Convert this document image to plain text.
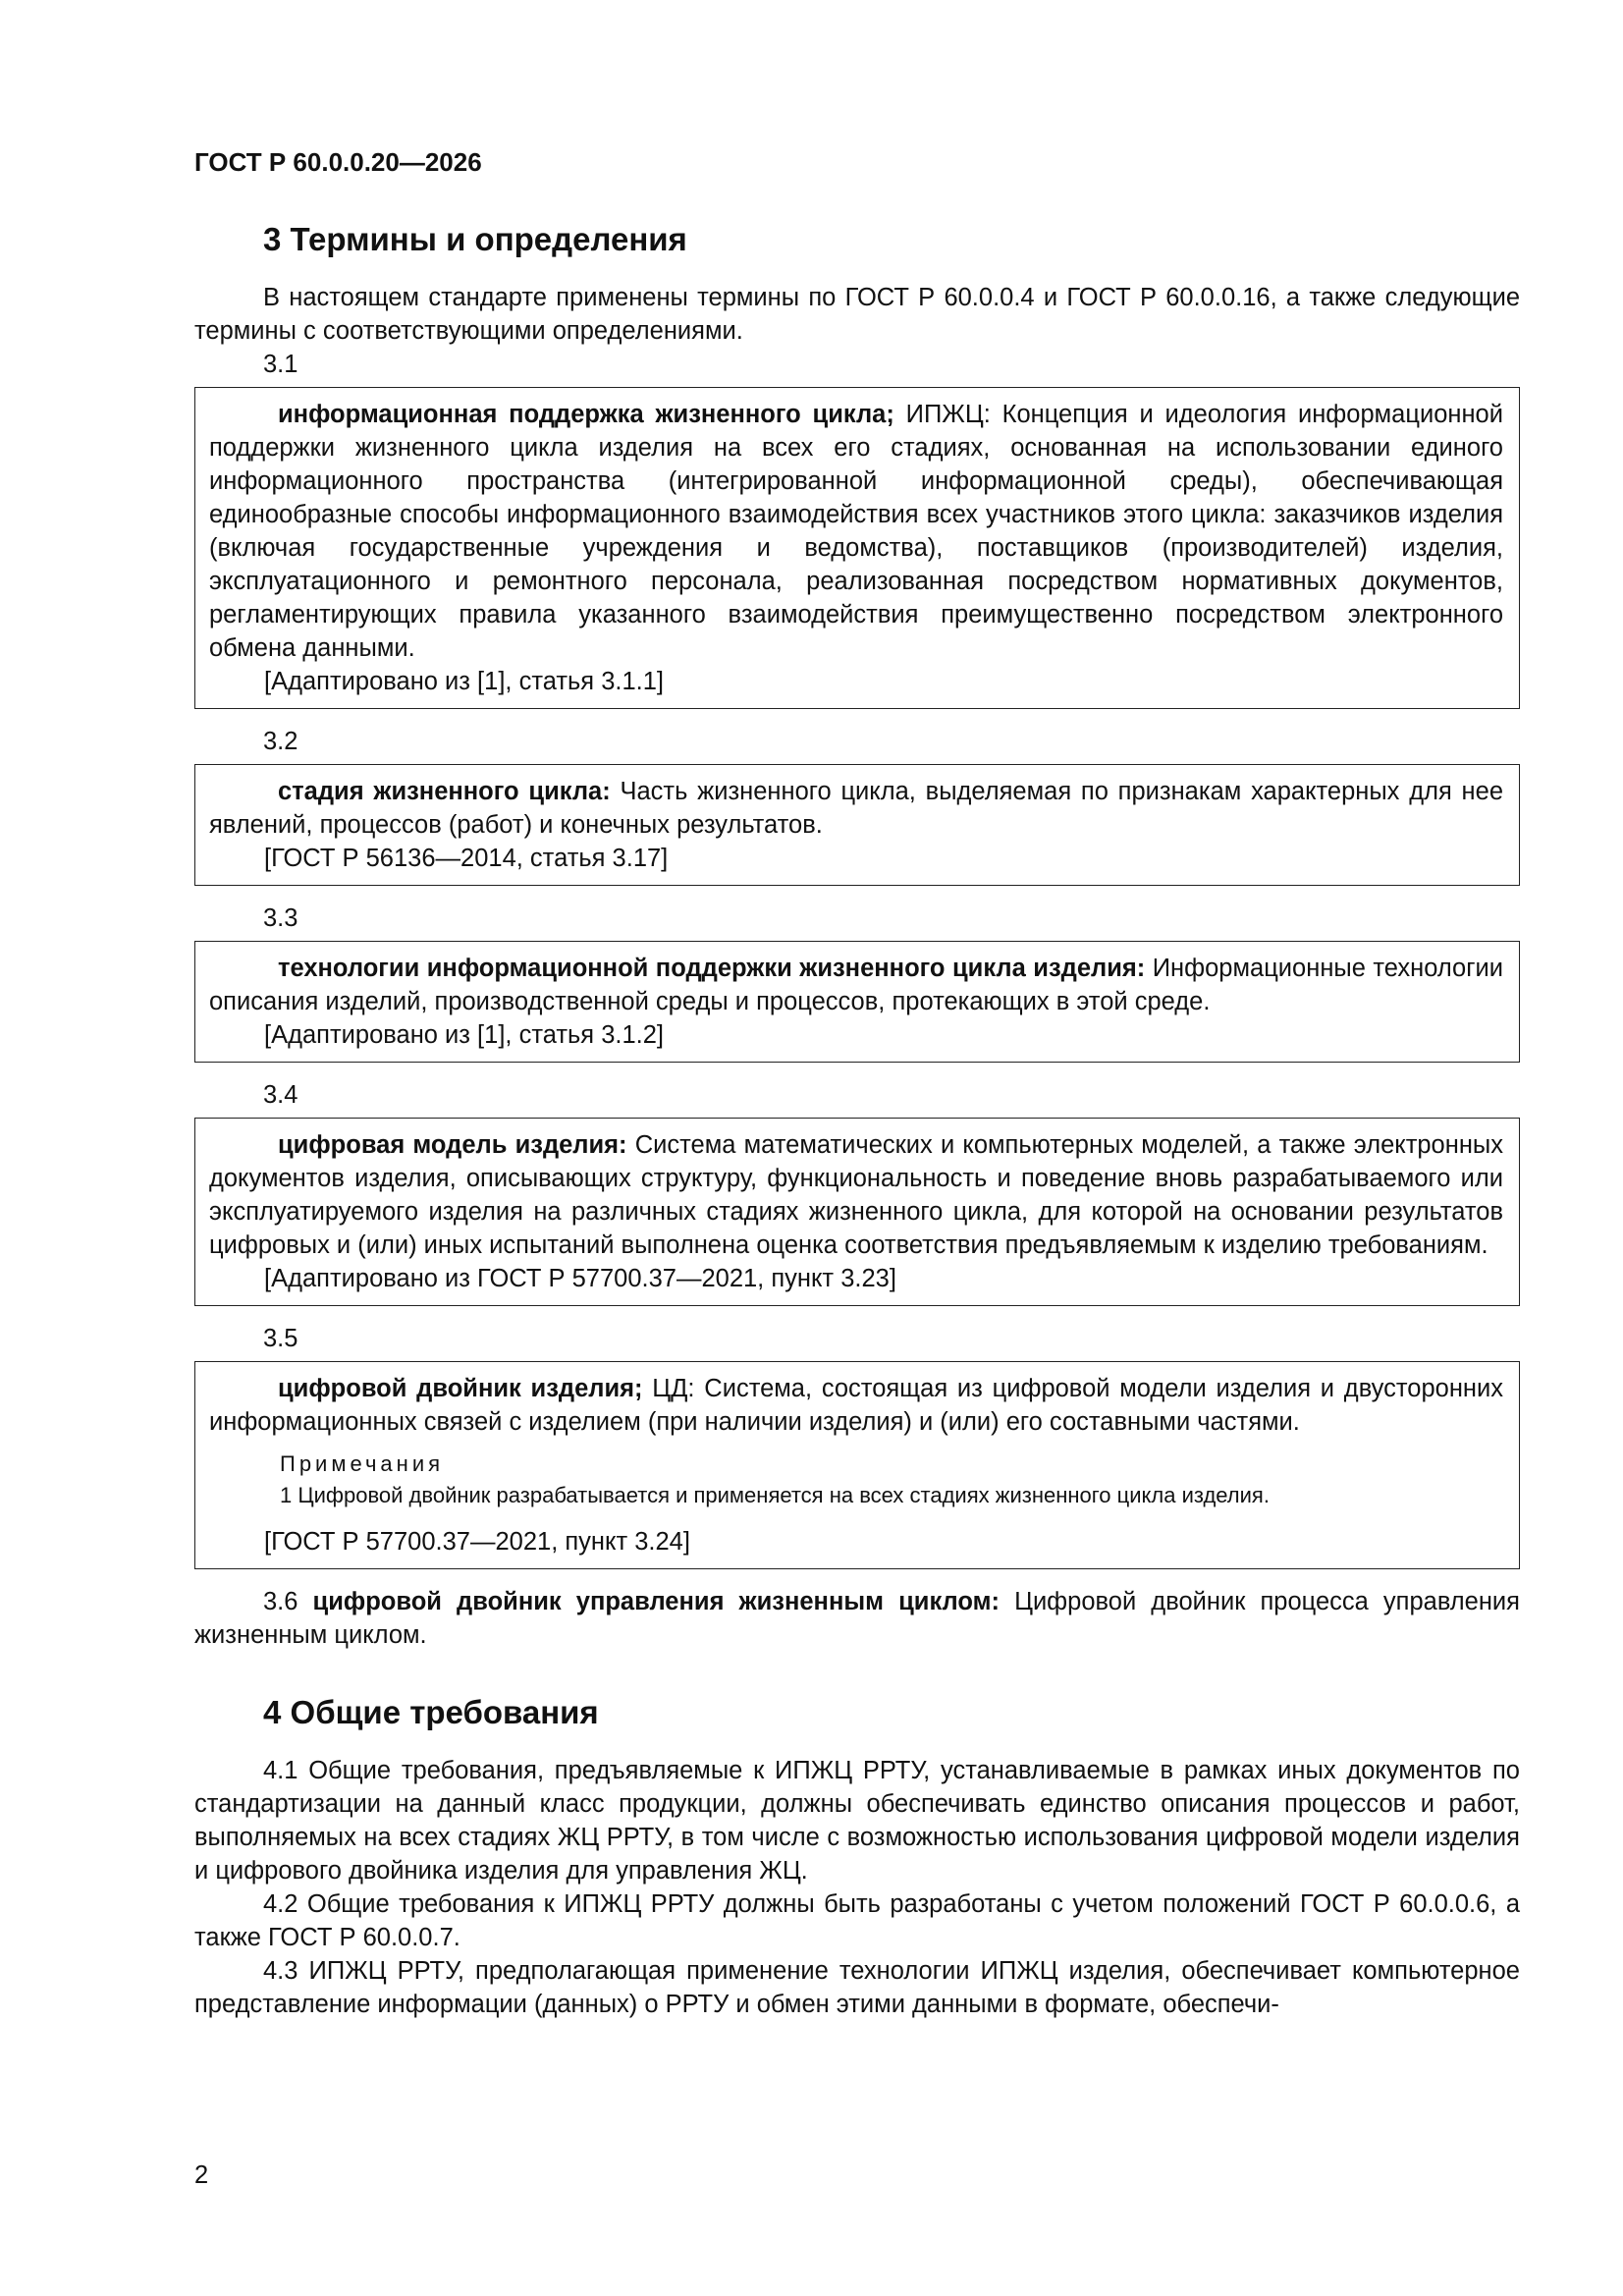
ГОСТ Р 60.0.0.20—2026
3 Термины и определения

В настоящем стандарте применены термины по ГОСТ Р 60.0.0.4 и ГОСТ Р 60.0.0.16, а также следующие термины с соответствующими определениями.

3.1

информационная поддержка жизненного цикла; ИПЖЦ: Концепция и идеология информационной поддержки жизненного цикла изделия на всех его стадиях, основанная на использовании единого информационного пространства (интегрированной информационной среды), обеспечивающая единообразные способы информационного взаимодействия всех участников этого цикла: заказчиков изделия (включая государственные учреждения и ведомства), поставщиков (производителей) изделия, эксплуатационного и ремонтного персонала, реализованная посредством нормативных документов, регламентирующих правила указанного взаимодействия преимущественно посредством электронного обмена данными.

[Адаптировано из [1], статья 3.1.1]

3.2

стадия жизненного цикла: Часть жизненного цикла, выделяемая по признакам характерных для нее явлений, процессов (работ) и конечных результатов.

[ГОСТ Р 56136—2014, статья 3.17]

3.3

технологии информационной поддержки жизненного цикла изделия: Информационные технологии описания изделий, производственной среды и процессов, протекающих в этой среде.

[Адаптировано из [1], статья 3.1.2]

3.4

цифровая модель изделия: Система математических и компьютерных моделей, а также электронных документов изделия, описывающих структуру, функциональность и поведение вновь разрабатываемого или эксплуатируемого изделия на различных стадиях жизненного цикла, для которой на основании результатов цифровых и (или) иных испытаний выполнена оценка соответствия предъявляемым к изделию требованиям.

[Адаптировано из ГОСТ Р 57700.37—2021, пункт 3.23]

3.5

цифровой двойник изделия; ЦД: Система, состоящая из цифровой модели изделия и двусторонних информационных связей с изделием (при наличии изделия) и (или) его составными частями.

Примечания
1 Цифровой двойник разрабатывается и применяется на всех стадиях жизненного цикла изделия.

[ГОСТ Р 57700.37—2021, пункт 3.24]

3.6 цифровой двойник управления жизненным циклом: Цифровой двойник процесса управления жизненным циклом.

4 Общие требования

4.1 Общие требования, предъявляемые к ИПЖЦ РРТУ, устанавливаемые в рамках иных документов по стандартизации на данный класс продукции, должны обеспечивать единство описания процессов и работ, выполняемых на всех стадиях ЖЦ РРТУ, в том числе с возможностью использования цифровой модели изделия и цифрового двойника изделия для управления ЖЦ.

4.2 Общие требования к ИПЖЦ РРТУ должны быть разработаны с учетом положений ГОСТ Р 60.0.0.6, а также ГОСТ Р 60.0.0.7.

4.3 ИПЖЦ РРТУ, предполагающая применение технологии ИПЖЦ изделия, обеспечивает компьютерное представление информации (данных) о РРТУ и обмен этими данными в формате, обеспечи-

2
